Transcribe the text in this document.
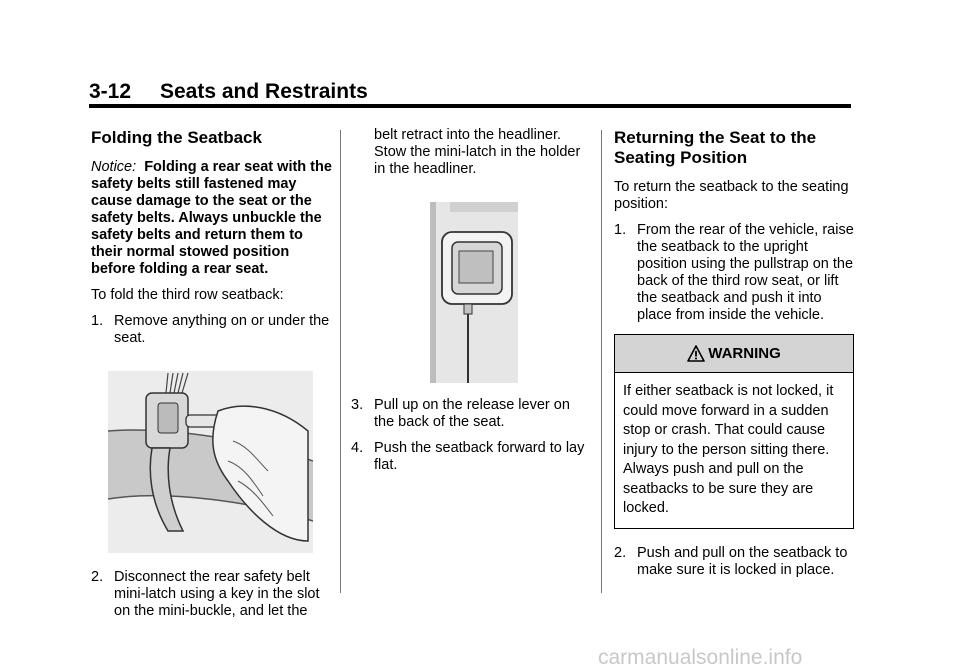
3-12 Seats and Restraints
Folding the Seatback

Notice: Folding a rear seat with the safety belts still fastened may cause damage to the seat or the safety belts. Always unbuckle the safety belts and return them to their normal stowed position before folding a rear seat.

To fold the third row seatback:

1. Remove anything on or under the seat.
2. Disconnect the rear safety belt mini-latch using a key in the slot on the mini-buckle, and let the

belt retract into the headliner. Stow the mini-latch in the holder in the headliner.

3. Pull up on the release lever on the back of the seat.
4. Push the seatback forward to lay flat.
Returning the Seat to the Seating Position

To return the seatback to the seating position:

1. From the rear of the vehicle, raise the seatback to the upright position using the pullstrap on the back of the third row seat, or lift the seatback and push it into place from inside the vehicle.
WARNING
If either seatback is not locked, it could move forward in a sudden stop or crash. That could cause injury to the person sitting there. Always push and pull on the seatbacks to be sure they are locked.
2. Push and pull on the seatback to make sure it is locked in place.
carmanualsonline.info
